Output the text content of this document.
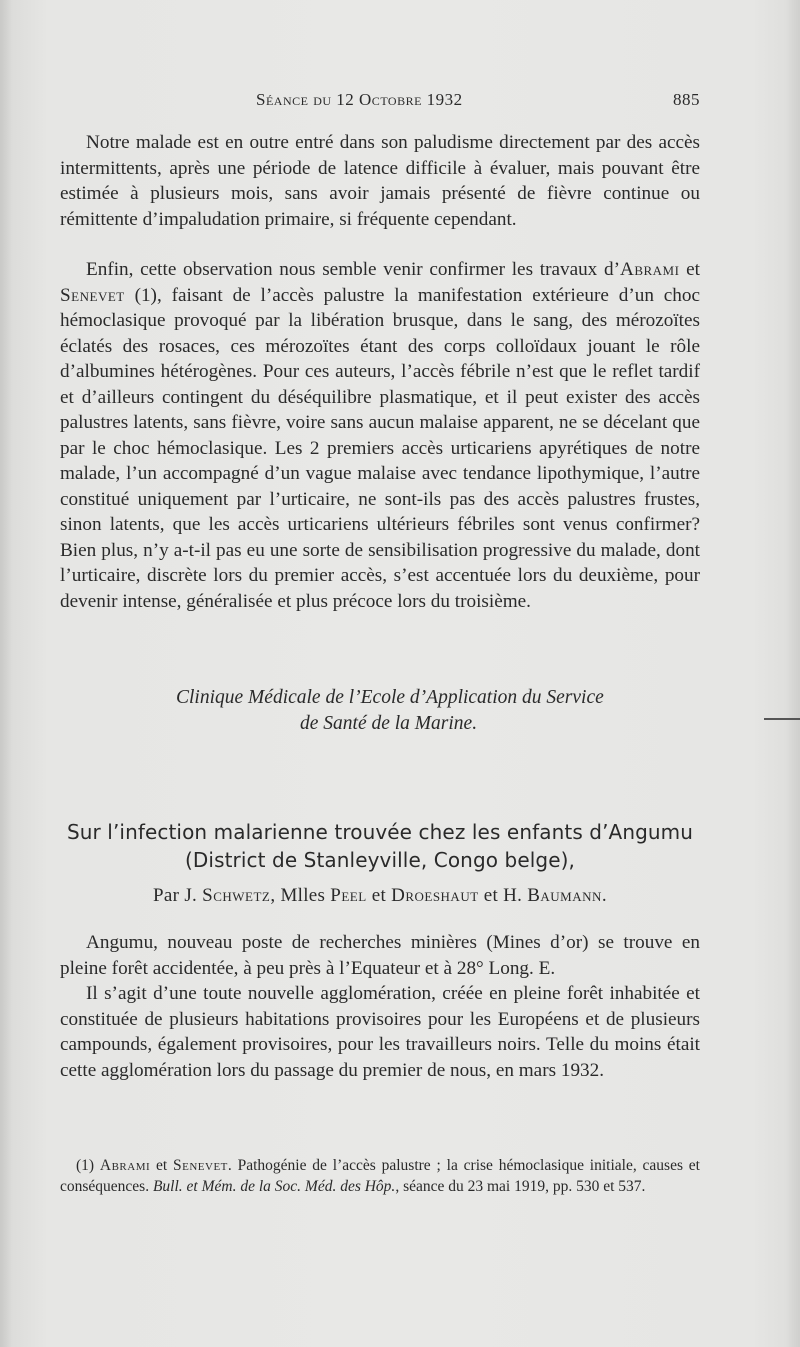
Séance du 12 Octobre 1932	885

Notre malade est en outre entré dans son paludisme directement par des accès intermittents, après une période de latence difficile à évaluer, mais pouvant être estimée à plusieurs mois, sans avoir jamais présenté de fièvre continue ou rémittente d’impaludation primaire, si fréquente cependant.

Enfin, cette observation nous semble venir confirmer les travaux d’Abrami et Senevet (1), faisant de l’accès palustre la manifestation extérieure d’un choc hémoclasique provoqué par la libération brusque, dans le sang, des mérozoïtes éclatés des rosaces, ces mérozoïtes étant des corps colloïdaux jouant le rôle d’albumines hétérogènes. Pour ces auteurs, l’accès fébrile n’est que le reflet tardif et d’ailleurs contingent du déséquilibre plasmatique, et il peut exister des accès palustres latents, sans fièvre, voire sans aucun malaise apparent, ne se décelant que par le choc hémoclasique. Les 2 premiers accès urticariens apyrétiques de notre malade, l’un accompagné d’un vague malaise avec tendance lipothymique, l’autre constitué uniquement par l’urticaire, ne sont-ils pas des accès palustres frustes, sinon latents, que les accès urticariens ultérieurs fébriles sont venus confirmer? Bien plus, n’y a-t-il pas eu une sorte de sensibilisation progressive du malade, dont l’urticaire, discrète lors du premier accès, s’est accentuée lors du deuxième, pour devenir intense, généralisée et plus précoce lors du troisième.

Clinique Médicale de l’Ecole d’Application du Service
de Santé de la Marine.
Sur l’infection malarienne trouvée chez les enfants d’Angumu
(District de Stanleyville, Congo belge),
Par J. Schwetz, Mlles Peel et Droeshaut et H. Baumann.

Angumu, nouveau poste de recherches minières (Mines d’or) se trouve en pleine forêt accidentée, à peu près à l’Equateur et à 28° Long. E.

Il s’agit d’une toute nouvelle agglomération, créée en pleine forêt inhabitée et constituée de plusieurs habitations provisoires pour les Européens et de plusieurs campounds, également provisoires, pour les travailleurs noirs. Telle du moins était cette agglomération lors du passage du premier de nous, en mars 1932.

(1) Abrami et Senevet. Pathogénie de l’accès palustre ; la crise hémoclasique initiale, causes et conséquences. Bull. et Mém. de la Soc. Méd. des Hôp., séance du 23 mai 1919, pp. 530 et 537.
